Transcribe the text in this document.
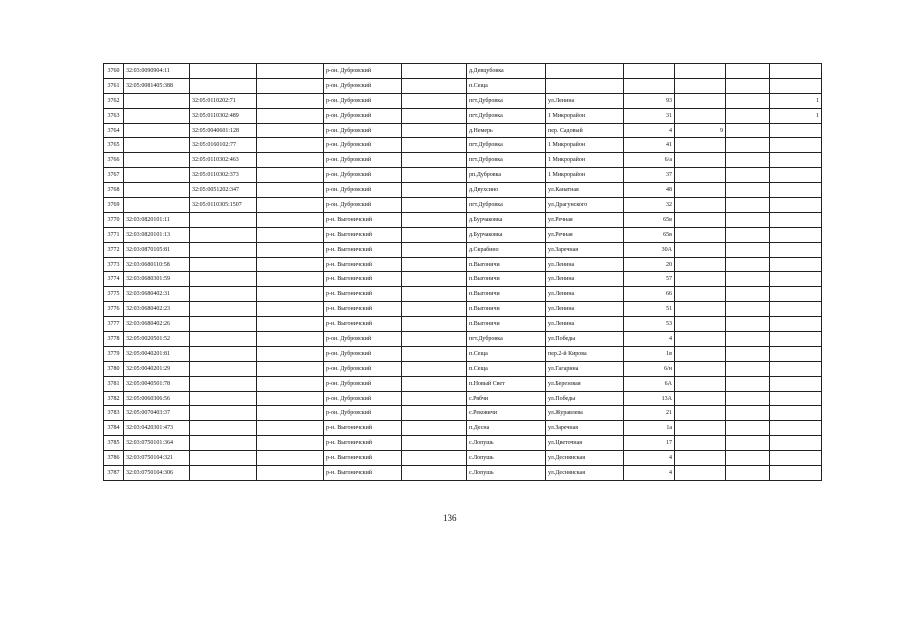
3760	32:03:0090904:11			р-он. Дубровский		д.Девцубовка					
3761	32:05:0081405:388			р-он. Дубровский		п.Сеща					
3762		32:05:0110202:71		р-он. Дубровский		пгт.Дубровка	ул.Ленина	93			1
3763		32:05:0110302:489		р-он. Дубровский		пгт.Дубровка	1 Микрорайон	31			1
3764		32:05:0040601:128		р-он. Дубровский		д.Немерь	пер. Садовый	4	9		
3765		32:05:0160102:77		р-он. Дубровский		пгт.Дубровка	1 Микрорайон	41			
3766		32:05:0110302:463		р-он. Дубровский		пгт.Дубровка	1 Микрорайон	6/а			
3767		32:05:0110302:373		р-он. Дубровский		рп.Дубровка	1 Микрорайон	37			
3768		32:05:0051202:347		р-он. Дубровский		д.Двухсино	ул.Канатная	48			
3769		32:05:0110305:1507		р-он. Дубровский		пгт.Дубровка	ул.Драгунского	32			
3770	32:03:0820101:11			р-н. Выгоничский		д.Бурчаковка	ул.Речная	65в			
3771	32:03:0820101:13			р-н. Выгоничский		д.Бурчаковка	ул.Речная	65в			
3772	32:03:0870105:81			р-н. Выгоничский		д.Скрабино	ул.Заречная	30А			
3773	32:03:0680110:58			р-н. Выгоничский		п.Выгоничи	ул.Ленина	20			
3774	32:03:0680301:59			р-н. Выгоничский		п.Выгоничи	ул.Ленина	57			
3775	32:03:0680402:31			р-н. Выгоничский		п.Выгоничи	ул.Ленина	66			
3776	32:03:0680402:23			р-н. Выгоничский		п.Выгоничи	ул.Ленина	51			
3777	32:03:0680402:26			р-н. Выгоничский		п.Выгоничи	ул.Ленина	53			
3778	32:05:0020501:52			р-он. Дубровский		пгт.Дубровка	ул.Победы	4			
3779	32:05:0040201:81			р-он. Дубровский		п.Сеща	пер.2-й Кирова	1в			
3780	32:05:0040201:29			р-он. Дубровский		п.Сеща	ул.Гагарина	6/н			
3781	32:05:0040501:78			р-он. Дубровский		п.Новый Свет	ул.Березовая	6А			
3782	32:05:0060306:56			р-он. Дубровский		с.Рябчи	ул.Победы	13А			
3783	32:05:0070403:37			р-он. Дубровский		с.Рековичи	ул.Журавлева	21			
3784	32:03:0420301:473			р-н. Выгоничский		п.Деснa	ул.Заречная	1а			
3785	32:03:0750101:364			р-н. Выгоничский		с.Лопушь	ул.Цветочная	17			
3786	32:03:0750104:321			р-н. Выгоничский		с.Лопушь	ул.Деснянская	4			
3787	32:03:0750104:306			р-н. Выгоничский		с.Лопушь	ул.Деснянская	4			
136
